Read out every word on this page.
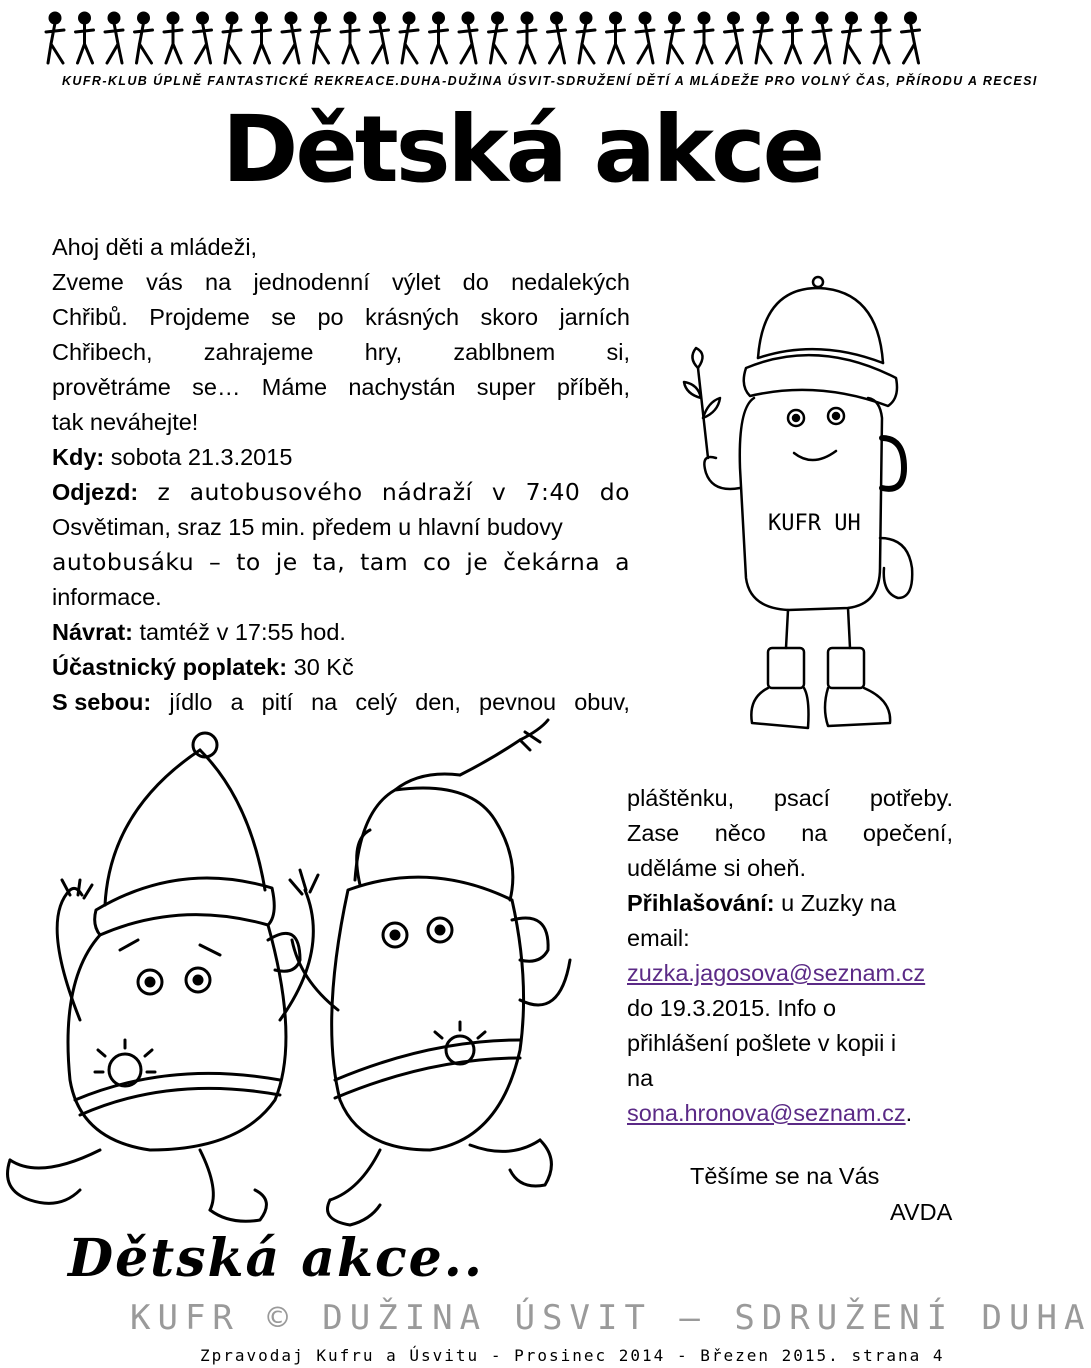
KUFR-KLUB ÚPLNĚ FANTASTICKÉ REKREACE.DUHA-DUŽINA ÚSVIT-SDRUŽENÍ DĚTÍ A MLÁDEŽE PRO VOLNÝ ČAS, PŘÍRODU A RECESI
Dětská akce
Ahoj děti a mládeži,
Zveme vás na jednodenní výlet do nedalekých
Chřibů. Projdeme se po krásných skoro jarních
Chřibech, zahrajeme hry, zablbnem si,
provětráme se… Máme nachystán super příběh,
tak neváhejte!
Kdy: sobota 21.3.2015
Odjezd: z autobusového nádraží v 7:40 do
Osvětiman, sraz 15 min. předem u hlavní budovy
autobusáku – to je ta, tam co je čekárna a
informace.
Návrat: tamtéž v 17:55 hod.
Účastnický poplatek: 30 Kč
S sebou: jídlo a pití na celý den, pevnou obuv,
KUFR UH
pláštěnku, psací potřeby.
Zase něco na opečení,
uděláme si oheň.
Přihlašování: u Zuzky na
email:
zuzka.jagosova@seznam.cz
do 19.3.2015. Info o
přihlášení pošlete v kopii i
na
sona.hronova@seznam.cz.
Dětská akce..
Těšíme se na Vás
AVDA
KUFR © DUŽINA ÚSVIT – SDRUŽENÍ DUHA
Zpravodaj Kufru a Úsvitu - Prosinec 2014 - Březen 2015. strana 4
